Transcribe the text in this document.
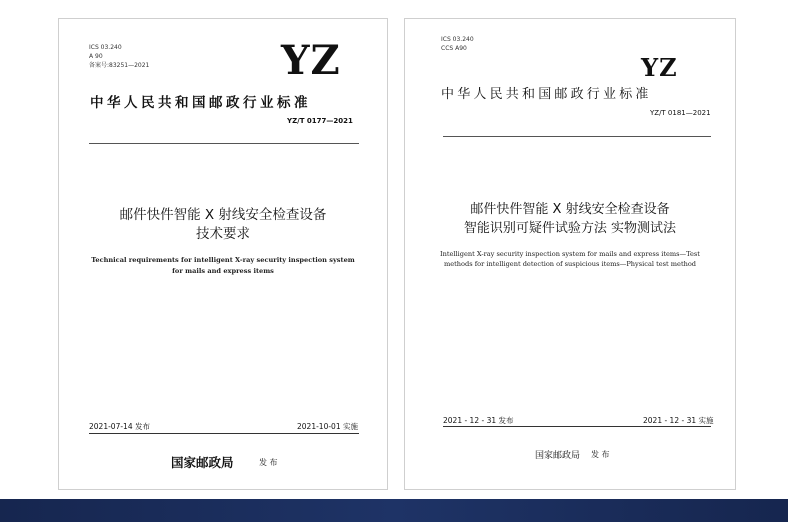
ICS 03.240
A 90
备案号:83251—2021	YZ
中华人民共和国邮政行业标准
YZ/T 0177—2021
邮件快件智能 X 射线安全检查设备
技术要求
Technical requirements for intelligent X-ray security inspection system
for mails and express items
2021-07-14 发布	2021-10-01 实施
国家邮政局	发 布
ICS 03.240
CCS A90
YZ
中华人民共和国邮政行业标准
YZ/T 0181—2021
邮件快件智能 X 射线安全检查设备
智能识别可疑件试验方法 实物测试法
Intelligent X-ray security inspection system for mails and express items—Test
methods for intelligent detection of suspicious items—Physical test method
2021 - 12 - 31 发布	2021 - 12 - 31 实施
国家邮政局 发 布
